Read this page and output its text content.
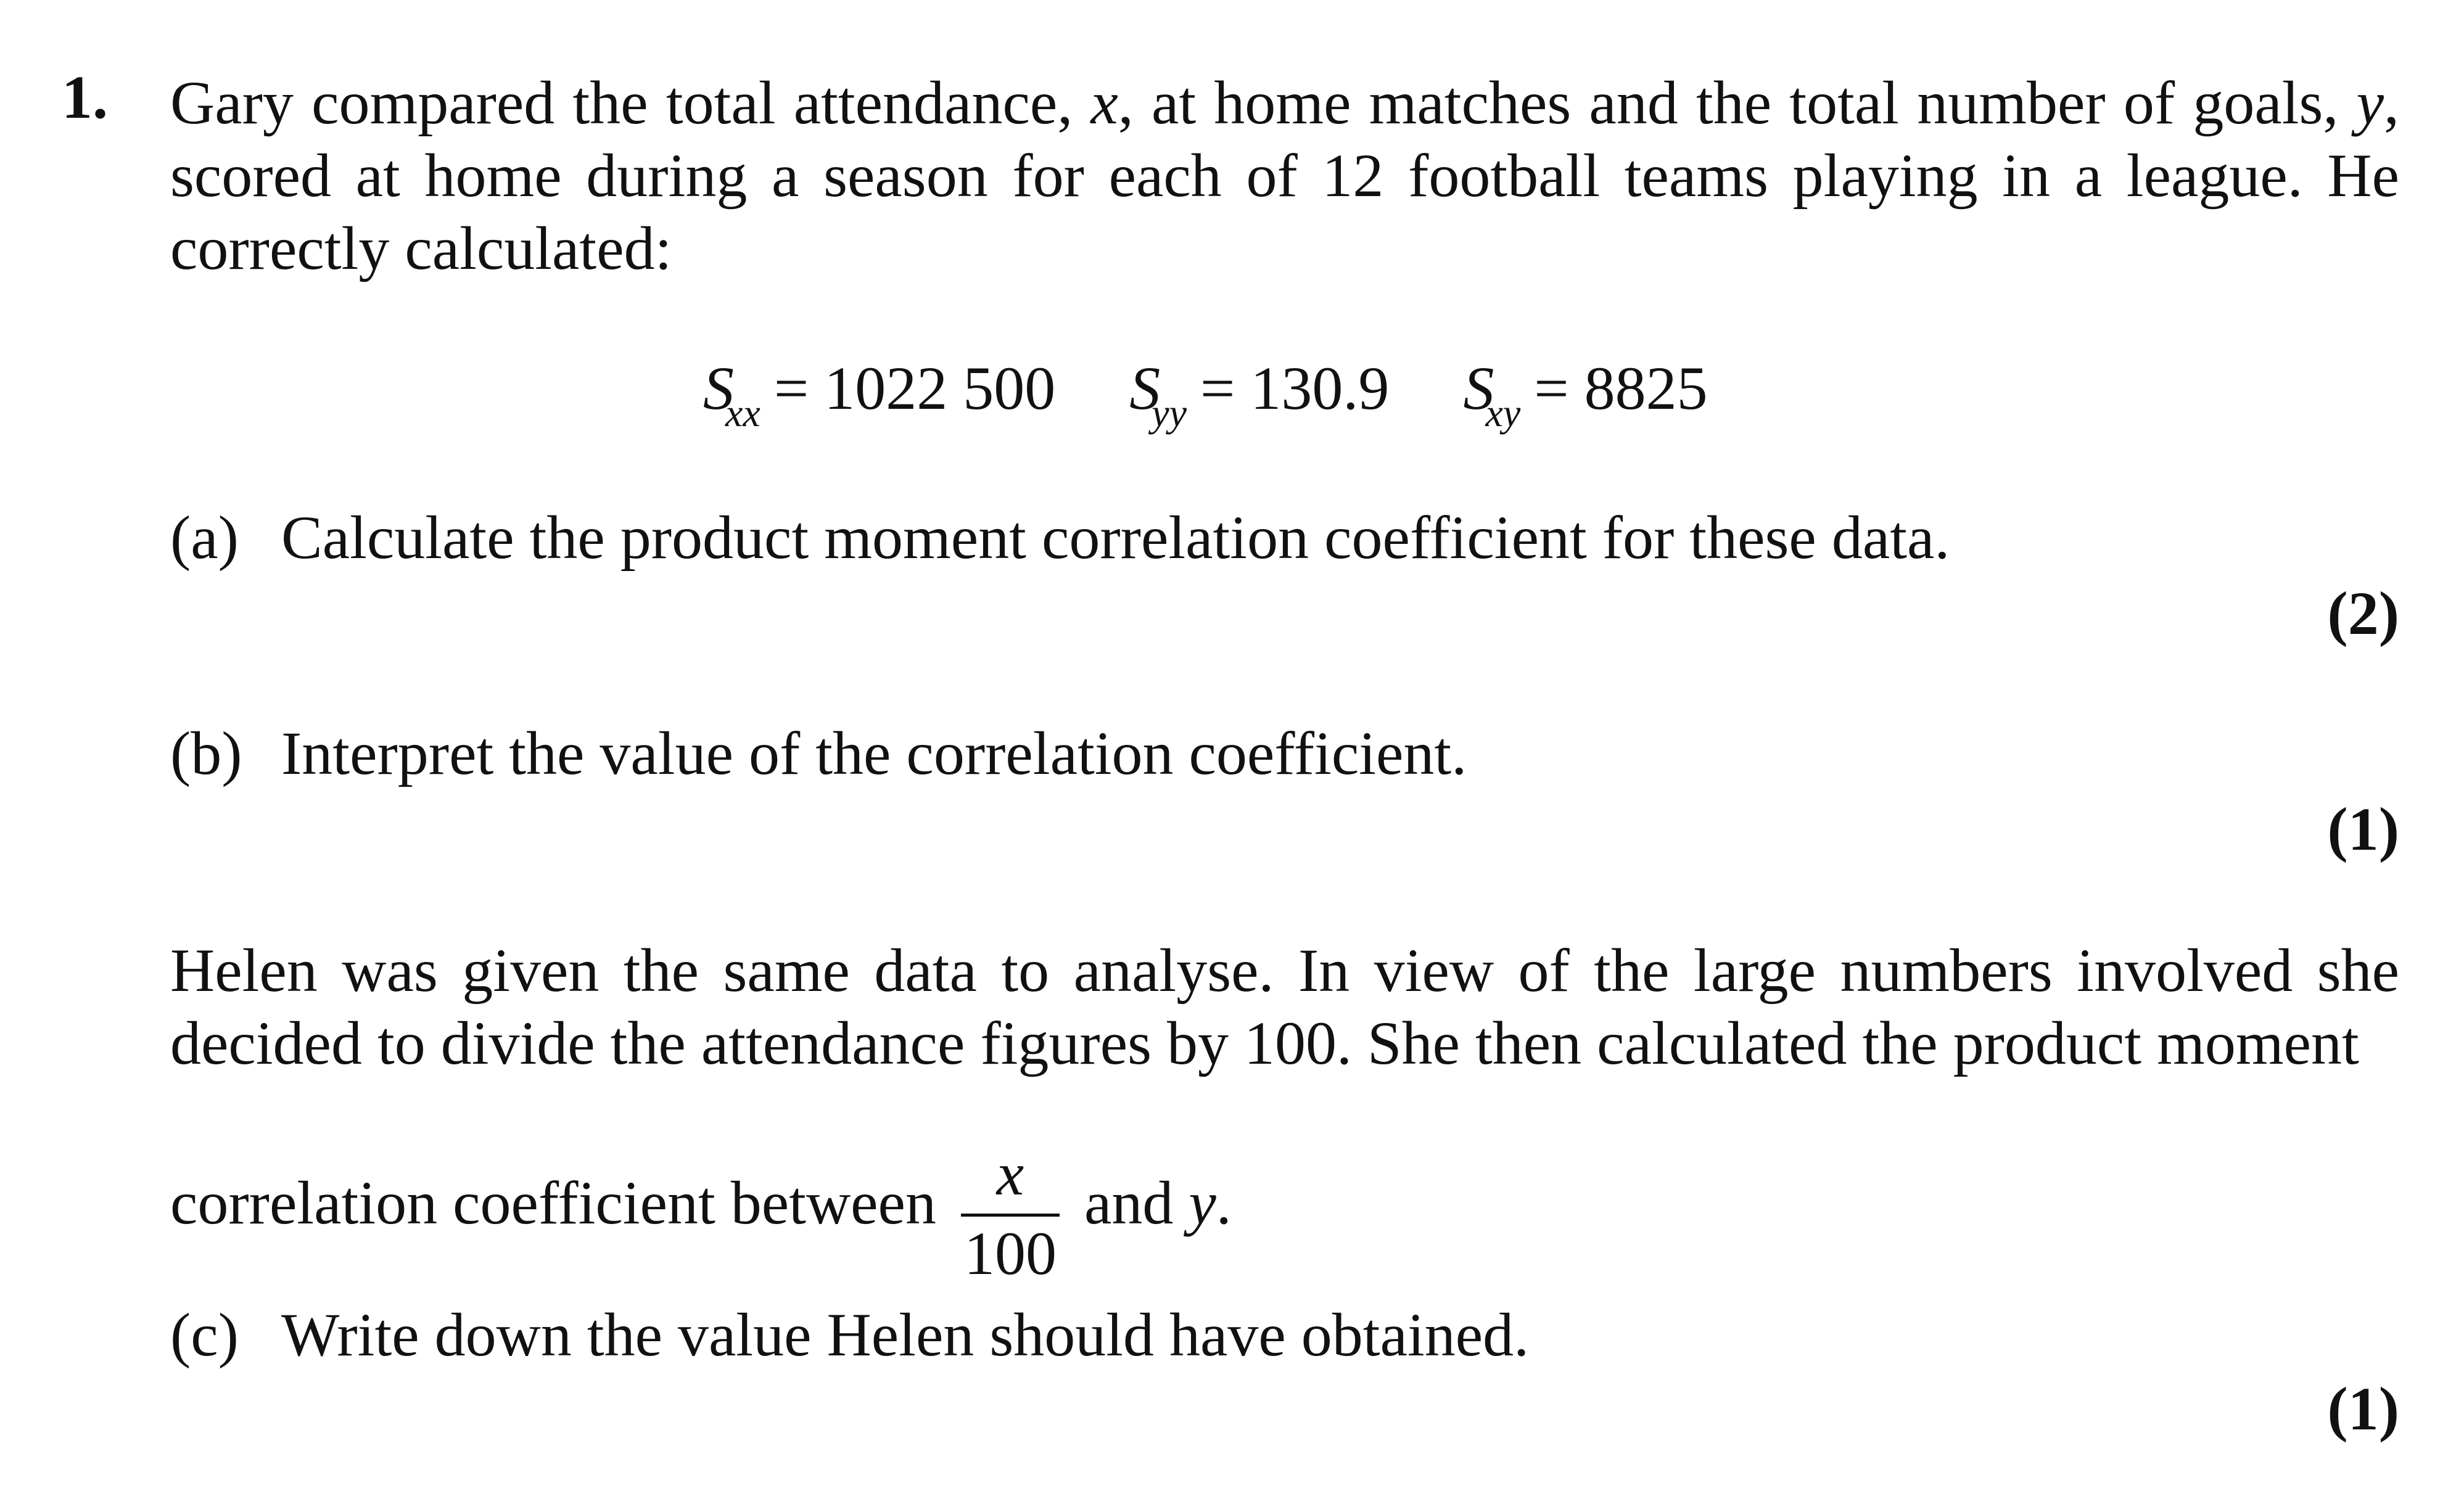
1. Gary compared the total attendance, x, at home matches and the total number of goals, y, scored at home during a season for each of 12 football teams playing in a league. He correctly calculated:

$S_{xx} = 1022$ 500 $S_{yy} = 130.9$ $S_{xy} = 8825$
(a) Calculate the product moment correlation coefficient for these data.
(2)
(b) Interpret the value of the correlation coefficient.
(1)

Helen was given the same data to analyse. In view of the large numbers involved she decided to divide the attendance figures by 100. She then calculated the product moment

correlation coefficient between x
100
and y.
(c) Write down the value Helen should have obtained.
(1)
